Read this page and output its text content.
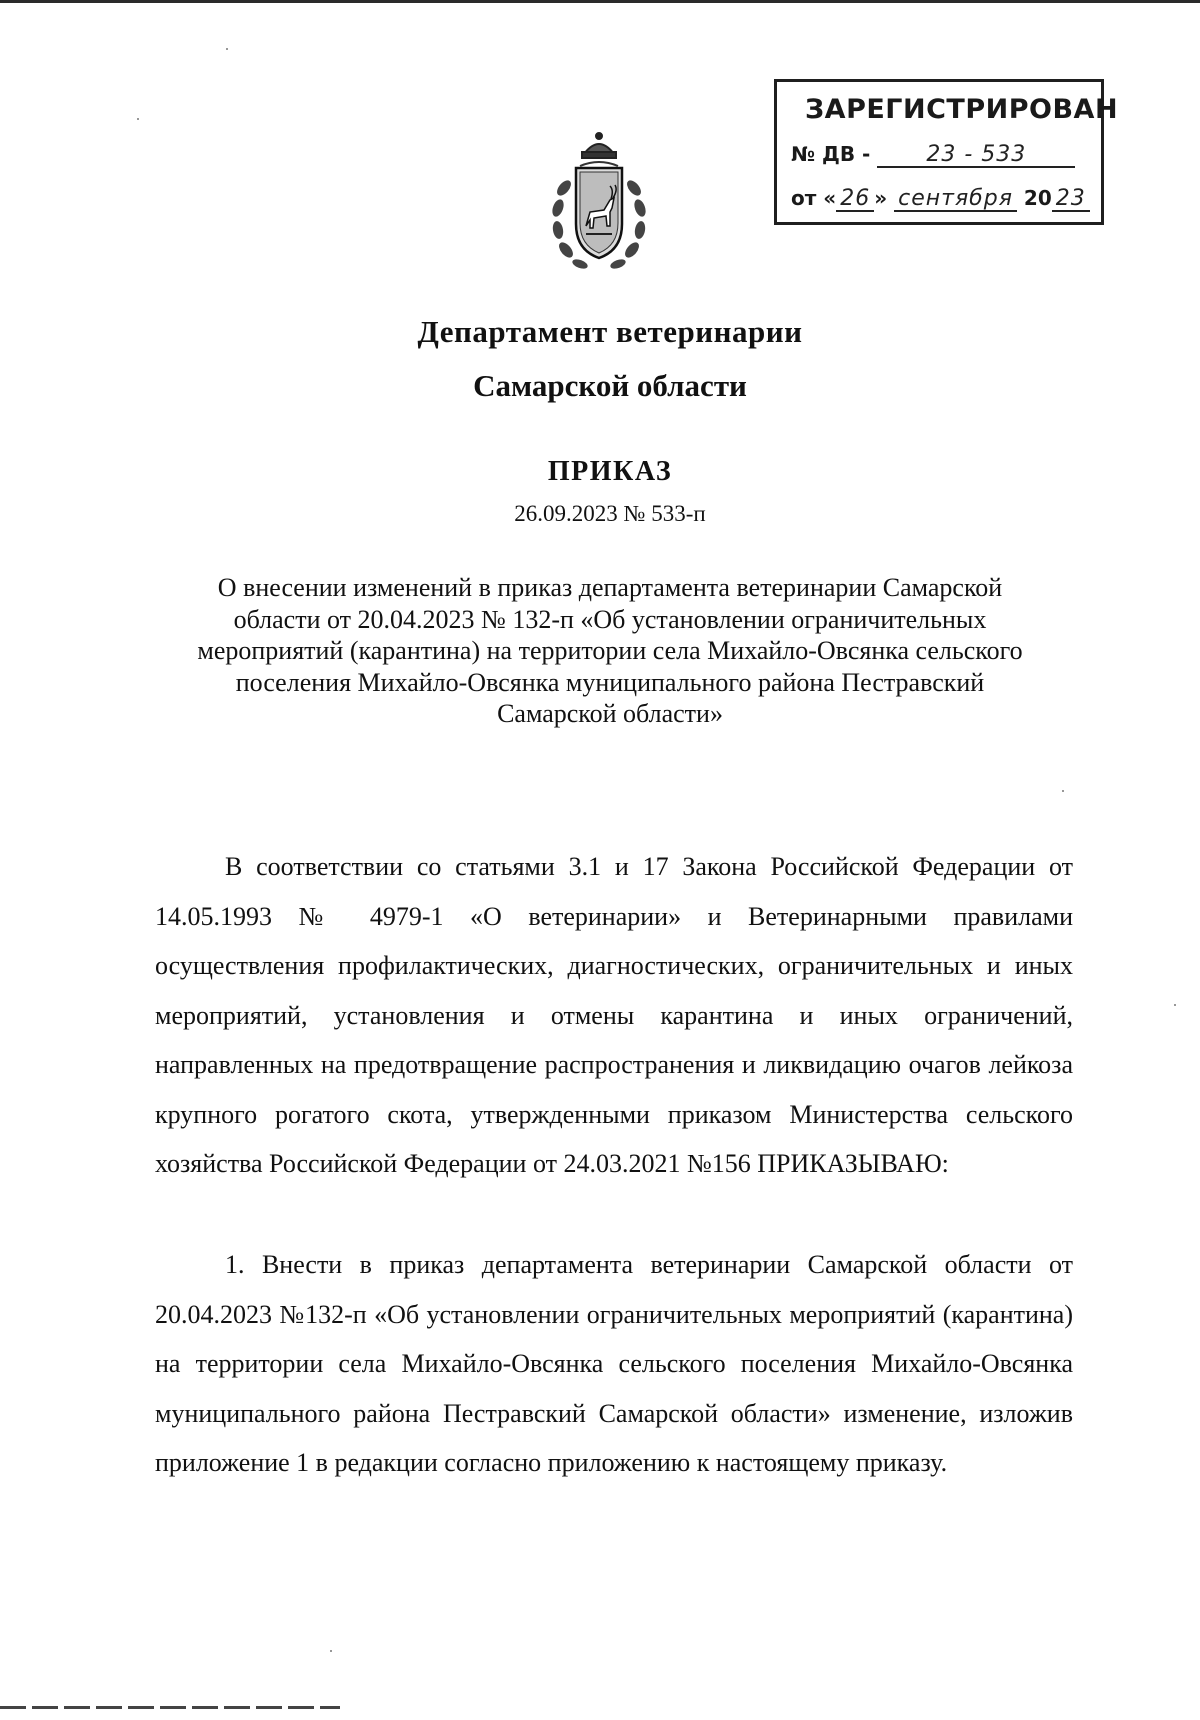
ЗАРЕГИСТРИРОВАН
№ ДВ -	23 - 533
от « 26 » сентября 20 23
Департамент ветеринарии
Самарской области
ПРИКАЗ
26.09.2023 № 533-п
О внесении изменений в приказ департамента ветеринарии Самарской
области от 20.04.2023 № 132-п «Об установлении ограничительных
мероприятий (карантина) на территории села Михайло-Овсянка сельского
поселения Михайло-Овсянка муниципального района Пестравский
Самарской области»
В соответствии со статьями 3.1 и 17 Закона Российской Федерации от 14.05.1993 № 4979-1 «О ветеринарии» и Ветеринарными правилами осуществления профилактических, диагностических, ограничительных и иных мероприятий, установления и отмены карантина и иных ограничений, направленных на предотвращение распространения и ликвидацию очагов лейкоза крупного рогатого скота, утвержденными приказом Министерства сельского хозяйства Российской Федерации от 24.03.2021 №156 ПРИКАЗЫВАЮ:
1. Внести в приказ департамента ветеринарии Самарской области от 20.04.2023 №132-п «Об установлении ограничительных мероприятий (карантина) на территории села Михайло-Овсянка сельского поселения Михайло-Овсянка муниципального района Пестравский Самарской области» изменение, изложив приложение 1 в редакции согласно приложению к настоящему приказу.
